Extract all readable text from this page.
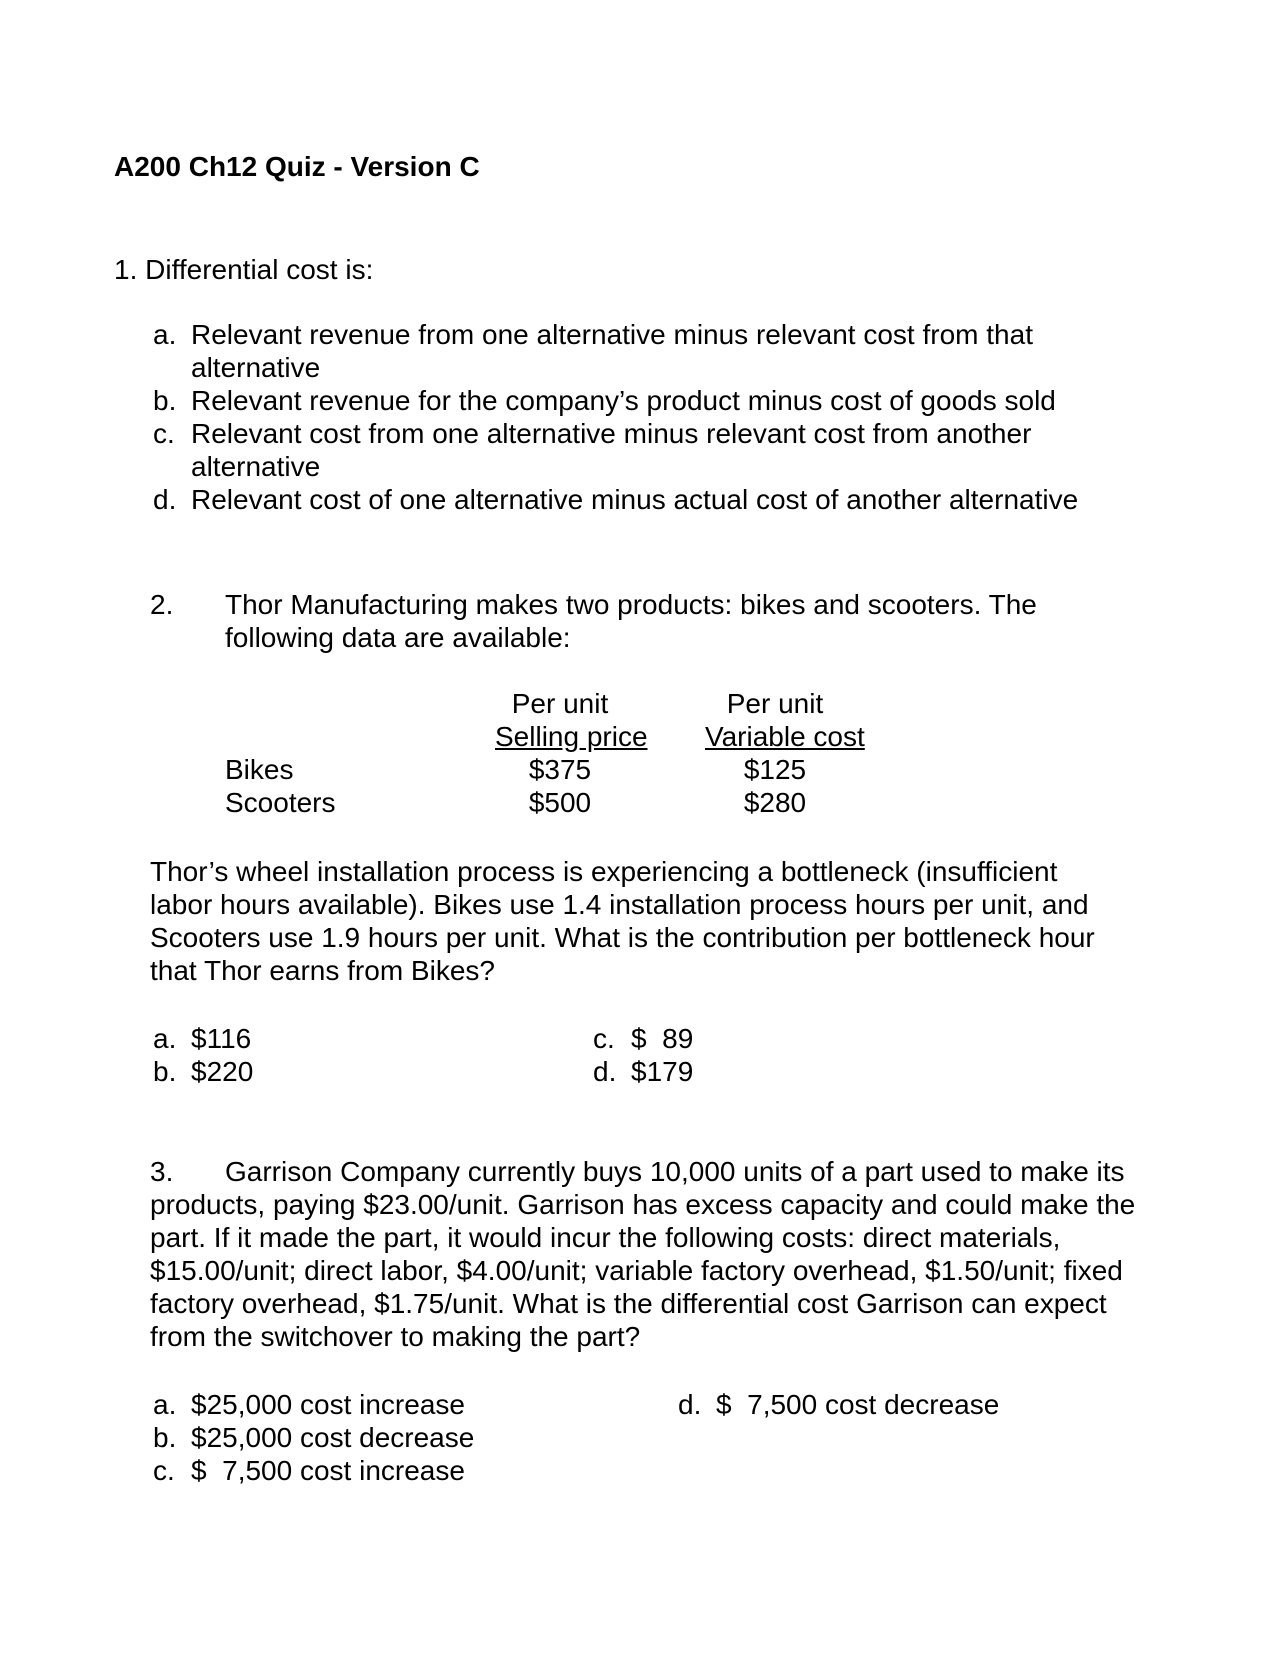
A200 Ch12 Quiz - Version C
1. Differential cost is:
a. Relevant revenue from one alternative minus relevant cost from that alternative
b. Relevant revenue for the company’s product minus cost of goods sold
c. Relevant cost from one alternative minus relevant cost from another alternative
d. Relevant cost of one alternative minus actual cost of another alternative
2. Thor Manufacturing makes two products: bikes and scooters. The following data are available:
Per unit	Per unit
Selling price Variable cost
Bikes	$375	$125
Scooters	$500	$280
Thor’s wheel installation process is experiencing a bottleneck (insufficient labor hours available). Bikes use 1.4 installation process hours per unit, and Scooters use 1.9 hours per unit. What is the contribution per bottleneck hour that Thor earns from Bikes?
a. $116
b. $220
c. $  89
d. $179
3. Garrison Company currently buys 10,000 units of a part used to make its products, paying $23.00/unit. Garrison has excess capacity and could make the part. If it made the part, it would incur the following costs: direct materials, $15.00/unit; direct labor, $4.00/unit; variable factory overhead, $1.50/unit; fixed factory overhead, $1.75/unit. What is the differential cost Garrison can expect from the switchover to making the part?
a. $25,000 cost increase
b. $25,000 cost decrease
c. $  7,500 cost increase
d. $  7,500 cost decrease
